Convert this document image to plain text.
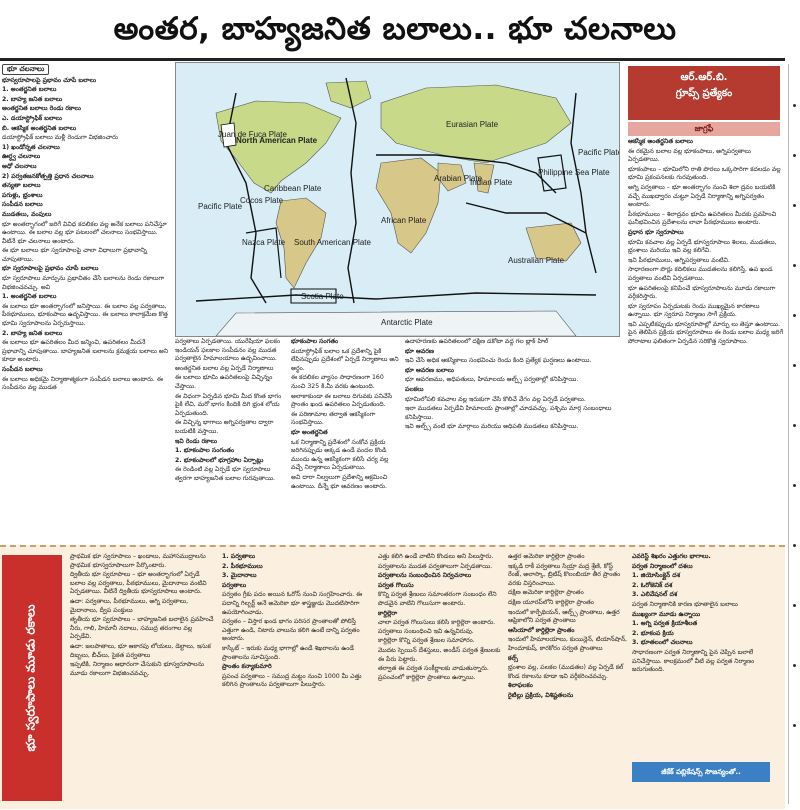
అంతర, బాహ్యజనిత బలాలు.. భూ చలనాలు
భూ చలనాలు

భూస్వరూపాలపై ప్రభావం చూపే బలాలు

1. అంతర్జనిత బలాలు

2. బాహ్య జనిత బలాలు

అంతర్జనిత బలాలు రెండు రకాలు

ఎ. డయాస్ట్రోఫిక్ బలాలు

బి. ఆకస్మిక అంతర్జనిత బలాలు

డయాస్ట్రోఫిక్ బలాలు మళ్లీ రెండుగా విభజించారు

1) ఖండోన్నత చలనాలు

ఊర్ధ్వ చలనాలు

అధో చలనాలు

2) పర్వతజనకోత్పత్తి ప్రధాన చలనాలు

తన్యతా బలాలు

పగుళ్లు, భ్రంశాలు

సంపీడన బలాలు

ముడతలు, వంపులు

భూ అంతర్భాగంలో జరిగే వివిధ కదలికల వల్ల అనేక బలాలు పనిచేస్తూ ఉంటాయి. ఈ బలాల వల్ల భూ పటలంలో చలనాలు సంభవిస్తాయి. వీటినే భూ చలనాలు అంటారు.

ఈ భూ బలాలు భూ స్వరూపాలపై చాలా విధాలుగా ప్రభావాన్ని చూపుతాయి.

భూ స్వరూపాలపై ప్రభావం చూపే బలాలు

భూ స్వరూపాలు మార్పును ప్రభావితం చేసే బలాలను రెండు రకాలుగా విభజించవచ్చు. అవి

1. అంతర్జనిత బలాలు

ఈ బలాలు భూ అంతర్భాగంలో జనిస్తాయి. ఈ బలాల వల్ల పర్వతాలు, పీఠభూములు, భూకంపాలు ఉద్భవిస్తాయి. ఈ బలాలు కాలాక్రమేణ కొత్త భూమి స్వరూపాలను ఏర్పరుస్తాయి.

2. బాహ్య జనిత బలాలు

ఈ బలాలు భూ ఉపరితలం మీద జన్మించి, ఉపరితలం మీదనే ప్రభావాన్ని చూపుతాయి. బాహ్యజనిత బలాలను క్రమక్షయ బలాలు అని కూడా అంటారు.

సంపీడన బలాలు

ఈ బలాలు అధికమై నిర్మాణాత్మకంగా సంపీడన బలాలు అంటారు. ఈ సంపీడనం వల్ల ముడత

North American Plate
Juan de Fuca Plate
Caribbean Plate
Cocos Plate
Pacific Plate
Nazca Plate South American Plate
Scotia Plate
Antarctic Plate
Eurasian Plate
Arabian Plate
Indian Plate
African Plate
Philippine Sea Plate
Pacific Plate
Australian Plate
ఆర్.ఆర్.బి.
గ్రూప్స్ ప్రత్యేకం
జాగ్రఫీ

పర్వతాలు ఏర్పడతాయి. యురేషియా ఫలకం ఇండియన్ ఫలకాల సంపీడనం వల్ల ముడత పర్వతాలైన హిమాలయాలు ఉద్భవించాయి.

అంతర్జనిత బలాల వల్ల ఏర్పడే నిర్మాణాలు

ఈ బలాలు భూమి ఉపరితలంపై విచ్ఛిన్నం చేస్తాయి.

ఈ విధంగా ఏర్పడిన భూమి మీద కొంత భాగం పైకి లేచి, మరో భాగం కిందికి దిగి భ్రంశ లోయ ఏర్పడుతుంది.

ఈ విచ్ఛిన్న భాగాలు అగ్నిపర్వతాల ద్వారా బయటికి వస్తాయి.

ఇవి రెండు రకాలు

1. భూకంపాల సంగంతం

2. భూకంపాలలో భూగ్రహాల ఏర్పాట్లు

ఈ రెండింటి వల్ల ఏర్పడే భూ స్వరూపాలు త్వరగా బాహ్యజనిత బలాల గురవుతాయి.

భూకంపాల సంగతం

డయాస్ట్రోఫిక్ బలాల ఒక ప్రదేశాన్ని పైకి లేపినప్పుడు ప్రదేశంలో ఏర్పడే నిర్మాణాలు అని అర్థం.

ఈ కదలికల వ్యాసం సాధారణంగా 160 నుంచి 325 కి.మీ వరకు ఉంటుంది.

అలాకాకుండా ఈ బలాలు దిగువకు పనిచేసే ప్రాంతం ఖండ ఉపరితలం ఏర్పడుతుంది.

ఈ పరిణామాల తర్వాత ఆకస్మికంగా సంభవిస్తాయి.

భూ అంతర్జనిత

ఒక నిర్మాణాన్ని ప్రదేశంలో సంకోచ ప్రక్రియ జరిగినప్పుడు అక్కడ ఉండే వందల కొండి ముందు ఉన్న ఆకస్మికంగా కలిసే చర్య వల్ల వచ్చే నిర్మాణాలు ఏర్పడుతాయి.

అవి దారా నిల్వలుగా ప్రదేశాన్ని ఆక్రమించి ఉంటాయి. దీన్నే భూ ఆవరణం అంటారు.

ఉదాహరణకు ఉపరితలంలో దక్షిణ డకోటా వద్ద గల బ్లాక్ హిల్

భూ ఆవరణ

ఇవి చేసే అధిక ఆకస్మికాలు సంభవించు రెండు కింది ప్రత్యేక ఘర్షణలు ఉంటాయి.

భూ ఆవరణ బలాలు

భూ ఆవరణము, అధిపతులు, హిమాలయ ఆల్ప్స్ పర్వతాల్లో కనిపిస్తాయి.

పలకలు

భూమిలోపలి కవచాల వల్ల ఇరుకుగా చేసి కొలిచే వేగం వల్ల ఏర్పడే పర్వతాలు.

ఇలా ముడతలు ఏర్పడేవి హిమాలయ ప్రాంతాల్లో చూడవచ్చు. పశ్చిమ మార్గ సంబంధాలు కనిపిస్తాయి.

ఇవి ఆల్ప్స్ వంటి భూ మార్గాలు మరియు అధిపతి ముడతలు కనిపిస్తాయి.

ఆకస్మిక అంతర్జనిత బలాలు

ఈ రకమైన బలాల వల్ల భూకంపాలు, అగ్నిపర్వతాలు ఏర్పడతాయి.

భూకంపాలు – భూమిలోని రాతి పొరలు ఒక్కసారిగా కదలడం వల్ల భూమి ప్రకంపనలకు గురవుతుంది.

అగ్ని పర్వతాలు – భూ అంతర్భాగం నుంచి శిలా ద్రవం బయటికి వచ్చే ముఖద్వారం చుట్టూ ఏర్పడే నిర్మాణాన్ని అగ్నిపర్వతం అంటారు.

పీఠభూములు – శిలాద్రవం భూమి ఉపరితలం మీదకు ప్రవహించి ఘనీభవించిన ప్రదేశాలను లావా పీఠభూములు అంటారు.

ప్రధాన భూ స్వరూపాలు

భూమి కవచాల వల్ల ఏర్పడే భూస్వరూపాలు శిలలు, ముడతలు, భ్రంశాలు మరియు ఇవి వల్ల కలిగేవి.

ఇవి పీఠభూములు, అగ్నిపర్వతాలు వంటివి.

సాధారణంగా పొర్లు కదిలికలు ముడతలను కలిగిస్తే, ఉప ఖండ పర్వతాలు వంటివి ఏర్పడతాయి.

భూ ఉపరితలంపై కనిపించే భూస్వరూపాలను మూడు రకాలుగా వర్గీకరిస్తారు.

భూ స్వరూపం ఏర్పడుటకు రెండు ముఖ్యమైన కారణాలు ఉన్నాయి. భూ స్వరూప నిర్మాణం సాగే ప్రక్రియ.

ఇవి ఎప్పటికప్పుడు భూస్వరూపాల్లో మార్పు లు తెస్తూ ఉంటాయి. పైన తెలిపిన ప్రక్రియ భూస్వరూపాలు ఈ రెండు బలాల మధ్య జరిగే పోరాటాల ఫలితంగా ఏర్పడిన సరికొత్త స్వరూపాలు.

భూ స్వరూపాలు మూడు రకాలు

ప్రాథమిక భూ స్వరూపాలు – ఖండాలు, మహాసముద్రాలను ప్రాథమిక భూస్వరూపాలుగా పేర్కొంటారు.

ద్వితీయ భూ స్వరూపాలు – భూ అంతర్భాగంలో ఏర్పడే బలాల వల్ల పర్వతాలు, పీఠభూములు, మైదానాలు వంటివి ఏర్పడతాయి. వీటినే ద్వితీయ భూస్వరూపాలు అంటారు.

ఉదా: పర్వతాలు, పీఠభూములు, అగ్ని పర్వతాలు, మైదానాలు, ద్వీప పంక్తులు

తృతీయ భూ స్వరూపాలు – బాహ్యజనిత బలాలైన ప్రవహించే నీరు, గాలి, హిమానీ నదాలు, సముద్ర తరంగాల వల్ల ఏర్పడేవి.

ఉదా: జలపాతాలు, భూ ఆకారపు లోయలు, డెల్టాలు, ఇసుక దిబ్బలు, బీచ్‌లు, సైకత పర్వతాలు

ఇప్పటికి, నిర్మాణం ఆధారంగా చేసుకుని భూస్వరూపాలను మూడు రకాలుగా విభజించవచ్చు.

1. పర్వతాలు

2. పీఠభూములు

3. మైదానాలు

పర్వతాలు

పర్వతం గ్రీకు పదం అయిన ఓరోస్ నుంచి సంగ్రహించారు. ఈ పదాన్ని గిల్బర్ట్ అనే అమెరికా భూ శాస్త్రజ్ఞుడు మొదటిసారిగా ఉపయోగించాడు.

పర్వతం – విస్తార ఖండ భాగం పరిసర ప్రాంతాలతో పోలిస్తే ఎత్తుగా ఉండి, నిటారు వాలును కలిగి ఉంటే దాన్ని పర్వతం అంటారు.

కాస్కేట్ – ఇరుకు మధ్య భాగాల్లో ఉండే శిఖరాలను ఉండే ప్రాంతాలను సూచిస్తుంది.

ప్రాంతం కన్యాకుమారి

ప్రపంచ పర్వతాలు – సముద్ర మట్టం నుంచి 1000 మీ ఎత్తు కలిగిన ప్రాంతాలను పర్వతాలుగా పిలుస్తారు.

ఎత్తు కలిగి ఉండే వాటిని కొండలు అని పిలుస్తారు.

పర్వతాలను ముడత పర్వతాలుగా ఏర్పడతాయి.

పర్వతాలను సంబంధించిన నిర్వచనాలు

పర్వత గొలుసు

కొన్ని పర్వత శ్రేణులు సమాంతరంగా సంబంధం లేని పొడవైన వాటిని గొలుసుగా అంటారు.

కార్డిల్లెరా

చాలా పర్వత గొలుసులు కలిసి కార్డిల్లెరా అంటారు. పర్వతాలు సంబంధించి ఇవి ఉన్నవిరువు.

కార్డిల్లెరా కొన్ని పర్వత శ్రేణుల సమాహారం.

మొదట స్పెయిన్ దేశస్తులు, అండీస్ పర్వత శ్రేణులకు ఈ పేరు పెట్టారు.

తర్వాత ఈ పర్వత సంకీర్ణాలకు వాడుతున్నారు. ప్రపంచంలో కార్డిల్లెరా ప్రాంతాలు ఉన్నాయి.

ఉత్తర అమెరికా కార్డిల్లెరా ప్రాంతం

ఇక్కడి రాకీ పర్వతాలు సియ్రా మద్ర శ్రేణి, కోస్ట్ రేంజ్, అలాస్కా, బ్రిటిష్ కొలంబియా తీర ప్రాంతం వరకు విస్తరించాయి.

దక్షిణ అమెరికా కార్డిల్లెరా ప్రాంతం

దక్షిణ యూరప్‌లోని కార్డిల్లెరా ప్రాంతం

ఇందులో కార్పేథియన్, ఆల్ప్స్ ప్రాంతాలు, ఉత్తర ఆఫ్రికాలోని పర్వత ప్రాంతాలు

ఆసియాలో కార్డిల్లెరా ప్రాంతం

ఇందులో హిమాలయాలు, కుయిన్లెన్, టియాన్‌షాన్, హిందూకుష్, కారకోరం పర్వత ప్రాంతాలు

కల్స్

భ్రంశాల వల్ల, పలకల (ముడతల) వల్ల ఏర్పడే కల్ కొండ రకాలను కూడా ఇవి వర్గీకరించవచ్చు.

శిలాఫలకం

రైటిల్లు ప్రక్రియ, విశిష్టతలను

ఎవరెస్ట్ శిఖరం ఎత్తుగల భాగాలు.

పర్వత నిర్మాణంలో దశలు

1. జియోసింక్లైన్ దశ

2. ఓరోజెనిక్ దశ

3. ఎలివేషనల్ దశ

పర్వత నిర్మాణానికి కారణ భూతాలైన బలాలు

ముఖ్యంగా మూడు ఉన్నాయి

1. అగ్ని పర్వత క్రియాశీలత

2. భూకంప క్రియ

3. భూతలంలో చలనాలు

సాధారణంగా పర్వత నిర్మాణాన్ని పైన చెప్పిన బలాలే పనిచేస్తాయి. కాలక్రమంలో వీటి వల్ల పర్వత నిర్మాణం జరుగుతుంది.

జీకేక్ పబ్లికేషన్స్ సౌజన్యంతో..
